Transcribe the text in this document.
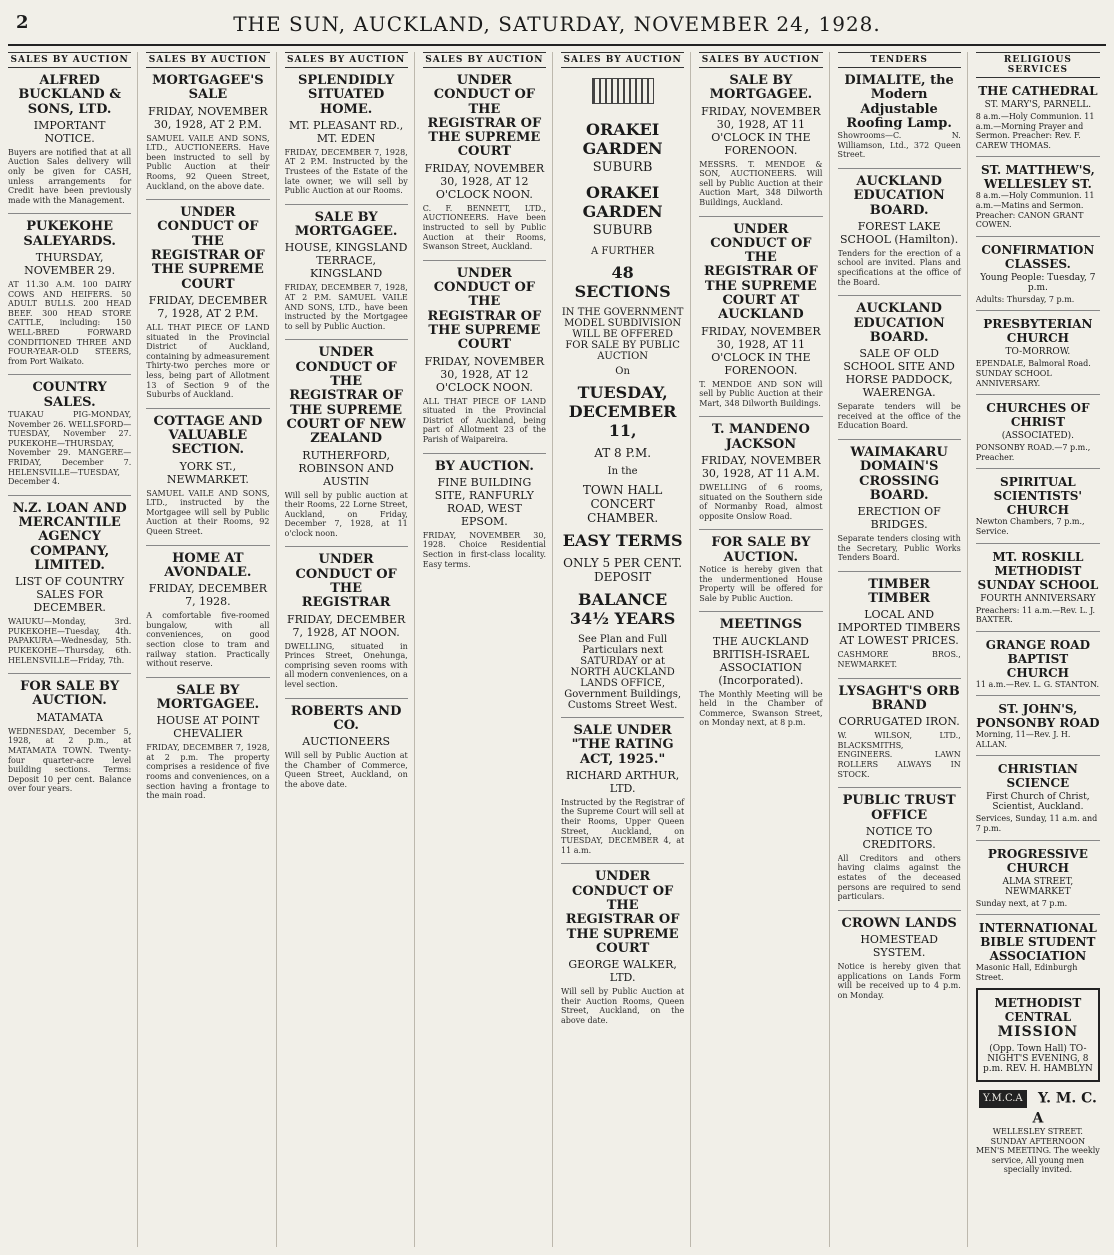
2	THE SUN, AUCKLAND, SATURDAY, NOVEMBER 24, 1928.
SALES BY AUCTION
ALFRED BUCKLAND & SONS, LTD.
IMPORTANT NOTICE.
Buyers are notified that at all Auction Sales delivery will only be given for CASH, unless arrangements for Credit have been previously made with the Management.
PUKEKOHE SALEYARDS.
THURSDAY, NOVEMBER 29.
AT 11.30 A.M. 100 DAIRY COWS AND HEIFERS. 50 ADULT BULLS. 200 HEAD BEEF. 300 HEAD STORE CATTLE, including: 150 WELL-BRED FORWARD CONDITIONED THREE AND FOUR-YEAR-OLD STEERS, from Port Waikato.
COUNTRY SALES.
TUAKAU PIG-MONDAY, November 26. WELLSFORD—TUESDAY, November 27. PUKEKOHE—THURSDAY, November 29. MANGERE—FRIDAY, December 7. HELENSVILLE—TUESDAY, December 4.
N.Z. LOAN AND MERCANTILE AGENCY COMPANY, LIMITED.
LIST OF COUNTRY SALES FOR DECEMBER.
WAIUKU—Monday, 3rd. PUKEKOHE—Tuesday, 4th. PAPAKURA—Wednesday, 5th. PUKEKOHE—Thursday, 6th. HELENSVILLE—Friday, 7th.
FOR SALE BY AUCTION.
MATAMATA
WEDNESDAY, December 5, 1928, at 2 p.m., at MATAMATA TOWN. Twenty-four quarter-acre level building sections. Terms: Deposit 10 per cent. Balance over four years.
SALES BY AUCTION
MORTGAGEE'S SALE
FRIDAY, NOVEMBER 30, 1928, AT 2 P.M.
SAMUEL VAILE AND SONS, LTD., AUCTIONEERS. Have been instructed to sell by Public Auction at their Rooms, 92 Queen Street, Auckland, on the above date.
UNDER CONDUCT OF THE REGISTRAR OF THE SUPREME COURT
FRIDAY, DECEMBER 7, 1928, AT 2 P.M.
ALL THAT PIECE OF LAND situated in the Provincial District of Auckland, containing by admeasurement Thirty-two perches more or less, being part of Allotment 13 of Section 9 of the Suburbs of Auckland.
COTTAGE AND VALUABLE SECTION.
YORK ST., NEWMARKET.
SAMUEL VAILE AND SONS, LTD., instructed by the Mortgagee will sell by Public Auction at their Rooms, 92 Queen Street.
HOME AT AVONDALE.
FRIDAY, DECEMBER 7, 1928.
A comfortable five-roomed bungalow, with all conveniences, on good section close to tram and railway station. Practically without reserve.
SALE BY MORTGAGEE.
HOUSE AT POINT CHEVALIER
FRIDAY, DECEMBER 7, 1928, at 2 p.m. The property comprises a residence of five rooms and conveniences, on a section having a frontage to the main road.
SALES BY AUCTION
SPLENDIDLY SITUATED HOME.
MT. PLEASANT RD., MT. EDEN
FRIDAY, DECEMBER 7, 1928, AT 2 P.M. Instructed by the Trustees of the Estate of the late owner, we will sell by Public Auction at our Rooms.
SALE BY MORTGAGEE.
HOUSE, KINGSLAND TERRACE, KINGSLAND
FRIDAY, DECEMBER 7, 1928, AT 2 P.M. SAMUEL VAILE AND SONS, LTD., have been instructed by the Mortgagee to sell by Public Auction.
UNDER CONDUCT OF THE REGISTRAR OF THE SUPREME COURT OF NEW ZEALAND
RUTHERFORD, ROBINSON AND AUSTIN
Will sell by public auction at their Rooms, 22 Lorne Street, Auckland, on Friday, December 7, 1928, at 11 o'clock noon.
UNDER CONDUCT OF THE REGISTRAR
FRIDAY, DECEMBER 7, 1928, AT NOON.
DWELLING, situated in Princes Street, Onehunga, comprising seven rooms with all modern conveniences, on a level section.
ROBERTS AND CO.
AUCTIONEERS
Will sell by Public Auction at the Chamber of Commerce, Queen Street, Auckland, on the above date.
SALES BY AUCTION
UNDER CONDUCT OF THE REGISTRAR OF THE SUPREME COURT
FRIDAY, NOVEMBER 30, 1928, AT 12 O'CLOCK NOON.
C. F. BENNETT, LTD., AUCTIONEERS. Have been instructed to sell by Public Auction at their Rooms, Swanson Street, Auckland.
UNDER CONDUCT OF THE REGISTRAR OF THE SUPREME COURT
FRIDAY, NOVEMBER 30, 1928, AT 12 O'CLOCK NOON.
ALL THAT PIECE OF LAND situated in the Provincial District of Auckland, being part of Allotment 23 of the Parish of Waipareira.
BY AUCTION.
FINE BUILDING SITE, RANFURLY ROAD, WEST EPSOM.
FRIDAY, NOVEMBER 30, 1928. Choice Residential Section in first-class locality. Easy terms.
SALES BY AUCTION
ORAKEI GARDEN
SUBURB
ORAKEI GARDEN
SUBURB
A FURTHER
48 SECTIONS
IN THE GOVERNMENT MODEL SUBDIVISION WILL BE OFFERED FOR SALE BY PUBLIC AUCTION
On
TUESDAY, DECEMBER 11,
AT 8 P.M.
In the
TOWN HALL CONCERT CHAMBER.
EASY TERMS
ONLY 5 PER CENT. DEPOSIT
BALANCE 34½ YEARS
See Plan and Full Particulars next SATURDAY or at NORTH AUCKLAND LANDS OFFICE, Government Buildings, Customs Street West.
SALE UNDER "THE RATING ACT, 1925."
RICHARD ARTHUR, LTD.
Instructed by the Registrar of the Supreme Court will sell at their Rooms, Upper Queen Street, Auckland, on TUESDAY, DECEMBER 4, at 11 a.m.
UNDER CONDUCT OF THE REGISTRAR OF THE SUPREME COURT
GEORGE WALKER, LTD.
Will sell by Public Auction at their Auction Rooms, Queen Street, Auckland, on the above date.
SALES BY AUCTION
SALE BY MORTGAGEE.
FRIDAY, NOVEMBER 30, 1928, AT 11 O'CLOCK IN THE FORENOON.
MESSRS. T. MENDOE & SON, AUCTIONEERS. Will sell by Public Auction at their Auction Mart, 348 Dilworth Buildings, Auckland.
UNDER CONDUCT OF THE REGISTRAR OF THE SUPREME COURT AT AUCKLAND
FRIDAY, NOVEMBER 30, 1928, AT 11 O'CLOCK IN THE FORENOON.
T. MENDOE AND SON will sell by Public Auction at their Mart, 348 Dilworth Buildings.
T. MANDENO JACKSON
FRIDAY, NOVEMBER 30, 1928, AT 11 A.M.
DWELLING of 6 rooms, situated on the Southern side of Normanby Road, almost opposite Onslow Road.
FOR SALE BY AUCTION.
Notice is hereby given that the undermentioned House Property will be offered for Sale by Public Auction.
MEETINGS
THE AUCKLAND BRITISH-ISRAEL ASSOCIATION (Incorporated).
The Monthly Meeting will be held in the Chamber of Commerce, Swanson Street, on Monday next, at 8 p.m.
TENDERS
DIMALITE, the Modern Adjustable Roofing Lamp.
Showrooms—C. N. Williamson, Ltd., 372 Queen Street.
AUCKLAND EDUCATION BOARD.
FOREST LAKE SCHOOL (Hamilton).
Tenders for the erection of a school are invited. Plans and specifications at the office of the Board.
AUCKLAND EDUCATION BOARD.
SALE OF OLD SCHOOL SITE AND HORSE PADDOCK, WAERENGA.
Separate tenders will be received at the office of the Education Board.
WAIMAKARU DOMAIN'S CROSSING BOARD.
ERECTION OF BRIDGES.
Separate tenders closing with the Secretary, Public Works Tenders Board.
TIMBER TIMBER
LOCAL AND IMPORTED TIMBERS AT LOWEST PRICES.
CASHMORE BROS., NEWMARKET.
LYSAGHT'S ORB BRAND
CORRUGATED IRON.
W. WILSON, LTD., BLACKSMITHS, ENGINEERS. LAWN ROLLERS ALWAYS IN STOCK.
PUBLIC TRUST OFFICE
NOTICE TO CREDITORS.
All Creditors and others having claims against the estates of the deceased persons are required to send particulars.
CROWN LANDS
HOMESTEAD SYSTEM.
Notice is hereby given that applications on Lands Form will be received up to 4 p.m. on Monday.
RELIGIOUS SERVICES
THE CATHEDRAL
ST. MARY'S, PARNELL.
8 a.m.—Holy Communion. 11 a.m.—Morning Prayer and Sermon. Preacher: Rev. F. CAREW THOMAS.
ST. MATTHEW'S, WELLESLEY ST.
8 a.m.—Holy Communion. 11 a.m.—Matins and Sermon. Preacher: CANON GRANT COWEN.
CONFIRMATION CLASSES.
Young People: Tuesday, 7 p.m.
Adults: Thursday, 7 p.m.
PRESBYTERIAN CHURCH
TO-MORROW.
EPENDALE, Balmoral Road. SUNDAY SCHOOL ANNIVERSARY.
CHURCHES OF CHRIST
(ASSOCIATED).
PONSONBY ROAD.—7 p.m., Preacher.
SPIRITUAL SCIENTISTS' CHURCH
Newton Chambers, 7 p.m., Service.
MT. ROSKILL METHODIST SUNDAY SCHOOL
FOURTH ANNIVERSARY
Preachers: 11 a.m.—Rev. L. J. BAXTER.
GRANGE ROAD BAPTIST CHURCH
11 a.m.—Rev. L. G. STANTON.
ST. JOHN'S, PONSONBY ROAD
Morning, 11—Rev. J. H. ALLAN.
CHRISTIAN SCIENCE
First Church of Christ, Scientist, Auckland.
Services, Sunday, 11 a.m. and 7 p.m.
PROGRESSIVE CHURCH
ALMA STREET, NEWMARKET
Sunday next, at 7 p.m.
INTERNATIONAL BIBLE STUDENT ASSOCIATION
Masonic Hall, Edinburgh Street.
METHODIST
CENTRAL
MISSION
(Opp. Town Hall) TO-NIGHT'S EVENING, 8 p.m. REV. H. HAMBLYN
Y.M.C.A Y. M. C. A
WELLESLEY STREET. SUNDAY AFTERNOON MEN'S MEETING. The weekly service, All young men specially invited.
